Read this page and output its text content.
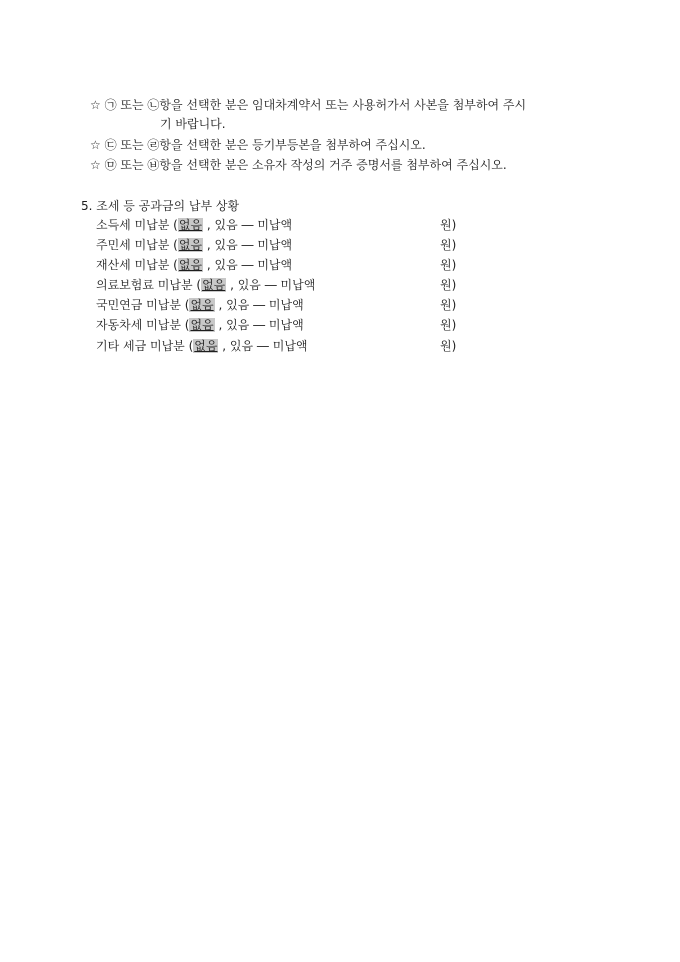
☆ ㉠ 또는 ㉡항을 선택한 분은 임대차계약서 또는 사용허가서 사본을 첨부하여 주시
기 바랍니다.
☆ ㉢ 또는 ㉣항을 선택한 분은 등기부등본을 첨부하여 주십시오.
☆ ㉤ 또는 ㉥항을 선택한 분은 소유자 작성의 거주 증명서를 첨부하여 주십시오.
5. 조세 등 공과금의 납부 상황
소득세 미납분 (없음 , 있음 ― 미납액	원)
주민세 미납분 (없음 , 있음 ― 미납액	원)
재산세 미납분 (없음 , 있음 ― 미납액	원)
의료보험료 미납분 (없음 , 있음 ― 미납액	원)
국민연금 미납분 (없음 , 있음 ― 미납액	원)
자동차세 미납분 (없음 , 있음 ― 미납액	원)
기타 세금 미납분 (없음 , 있음 ― 미납액	원)
